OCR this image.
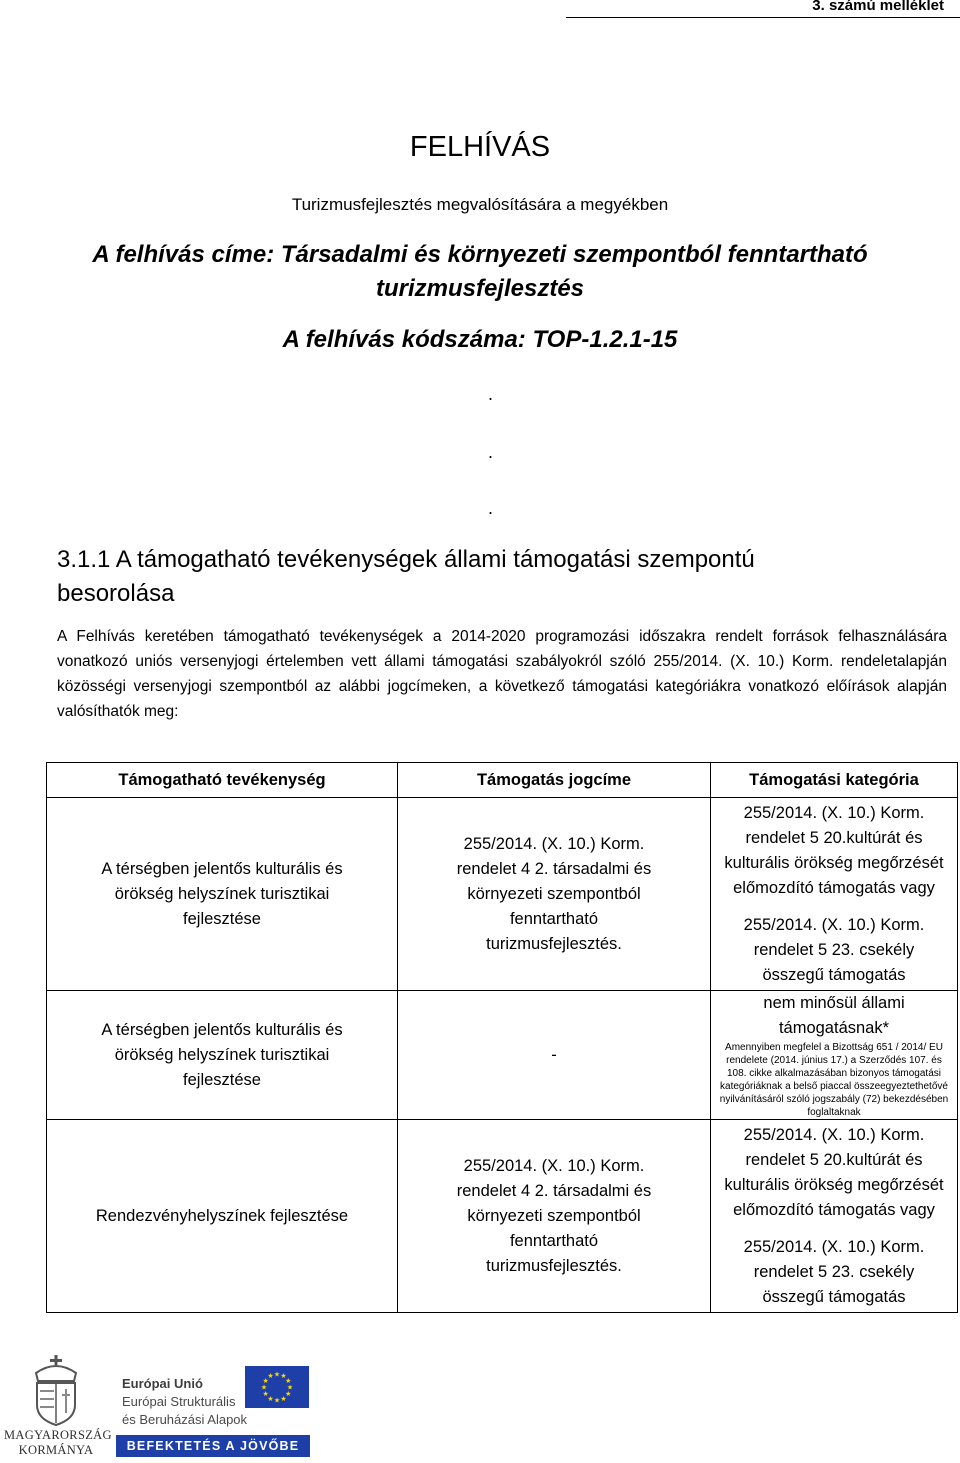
3. számú melléklet
FELHÍVÁS
Turizmusfejlesztés megvalósítására a megyékben
A felhívás címe: Társadalmi és környezeti szempontból fenntartható
turizmusfejlesztés
A felhívás kódszáma: TOP-1.2.1-15
.
.
.
3.1.1 A támogatható tevékenységek állami támogatási szempontú
besorolása
A Felhívás keretében támogatható tevékenységek a 2014-2020 programozási időszakra rendelt források felhasználására vonatkozó uniós versenyjogi értelemben vett állami támogatási szabályokról szóló 255/2014. (X. 10.) Korm. rendeletalapján közösségi versenyjogi szempontból az alábbi jogcímeken, a következő támogatási kategóriákra vonatkozó előírások alapján valósíthatók meg:
Támogatható tevékenység	Támogatás jogcíme	Támogatási kategória

A térségben jelentős kulturális és örökség helyszínek turisztikai fejlesztése	255/2014. (X. 10.) Korm. rendelet 4 2. társadalmi és környezeti szempontból fenntartható turizmusfejlesztés.	255/2014. (X. 10.) Korm. rendelet 5 20.kultúrát és kulturális örökség megőrzését előmozdító támogatás vagy
255/2014. (X. 10.) Korm. rendelet 5 23. csekély összegű támogatás

A térségben jelentős kulturális és örökség helyszínek turisztikai fejlesztése	-	nem minősül állami támogatásnak*
Amennyiben megfelel a Bizottság 651 / 2014/ EU rendelete (2014. június 17.) a Szerződés 107. és 108. cikke alkalmazásában bizonyos támogatási kategóriáknak a belső piaccal összeegyeztethetővé nyilvánításáról szóló jogszabály (72) bekezdésében foglaltaknak

Rendezvényhelyszínek fejlesztése	255/2014. (X. 10.) Korm. rendelet 4 2. társadalmi és környezeti szempontból fenntartható turizmusfejlesztés.	255/2014. (X. 10.) Korm. rendelet 5 20.kultúrát és kulturális örökség megőrzését előmozdító támogatás vagy
255/2014. (X. 10.) Korm. rendelet 5 23. csekély összegű támogatás
MAGYARORSZÁG
KORMÁNYA
Európai Unió
Európai Strukturális
és Beruházási Alapok
★ ★
★
★
★
★
★
★
★
★
★
★
BEFEKTETÉS A JÖVŐBE
